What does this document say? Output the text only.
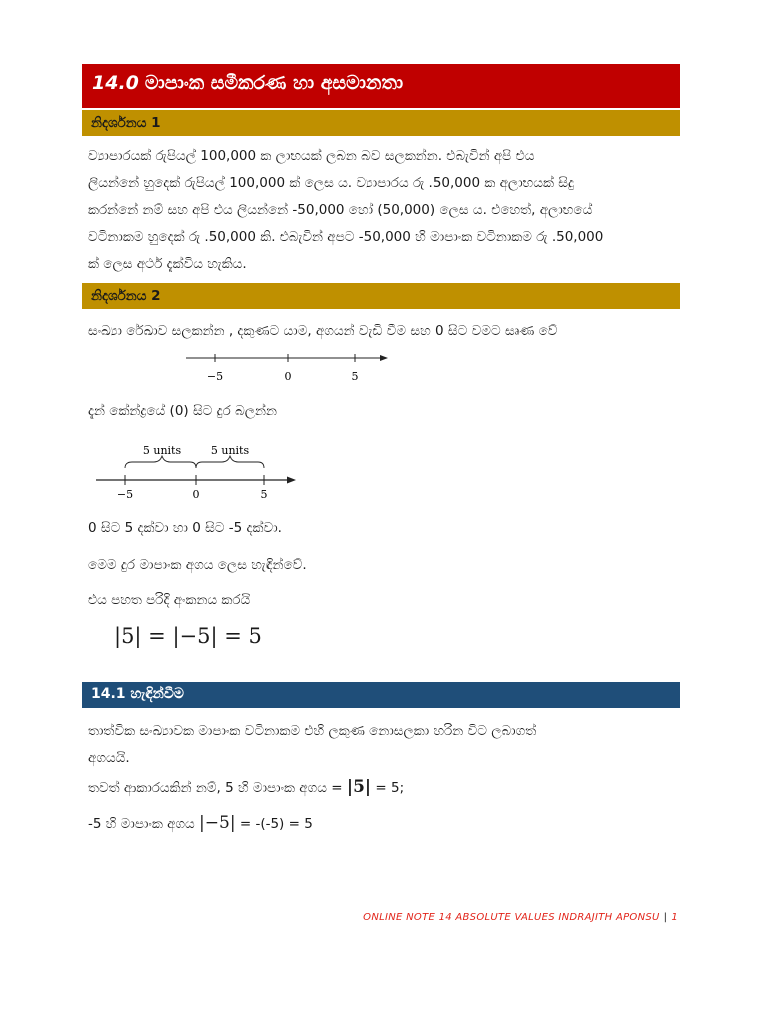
14.0 මාපාංක සමීකරණ හා අසමානතා
නිදර්ශනය 1
ව්‍යාපාරයක් රුපියල් 100,000 ක ලාභයක් ලබන බව සලකන්න. එබැවින් අපි එය
ලියන්නේ හුදෙක් රුපියල් 100,000 ක් ලෙස ය. ව්‍යාපාරය රු .50,000 ක අලාභයක් සිදු
කරන්නේ නම් සහ අපි එය ලියන්නේ -50,000 හෝ (50,000) ලෙස ය. එහෙත්, අලාභයේ
වටිනාකම හුදෙක් රු .50,000 කි. එබැවින් අපට -50,000 හි මාපාංක වටිනාකම රු .50,000
ක් ලෙස අර්ථ දැක්විය හැකිය.
නිදර්ශනය 2
සංඛ්‍යා රේඛාව සලකන්න , දකුණට යාම, අගයන් වැඩි වීම සහ 0 සිට වමට සෘණ වේ
−5	0	5
දැන් කේන්ද්‍රයේ (0) සිට දුර බලන්න
5 units	5 units
−5	0	5
0 සිට 5 දක්වා හා 0 සිට -5 දක්වා.
මෙම දුර මාපාංක අගය ලෙස හැඳින්වේ.
එය පහත පරිදි අංකනය කරයි
|5| = |−5| = 5
14.1 හැඳින්වීම
තාත්වික සංඛ්‍යාවක මාපාංක වටිනාකම එහි ලකුණ නොසලකා හරින විට ලබාගත්
අගයයි.
තවත් ආකාරයකින් නම්, 5 හි මාපාංක අගය = |5| = 5;
-5 හි මාපාංක අගය |−5| = -(-5) = 5
ONLINE NOTE 14 ABSOLUTE VALUES INDRAJITH APONSU | 1
